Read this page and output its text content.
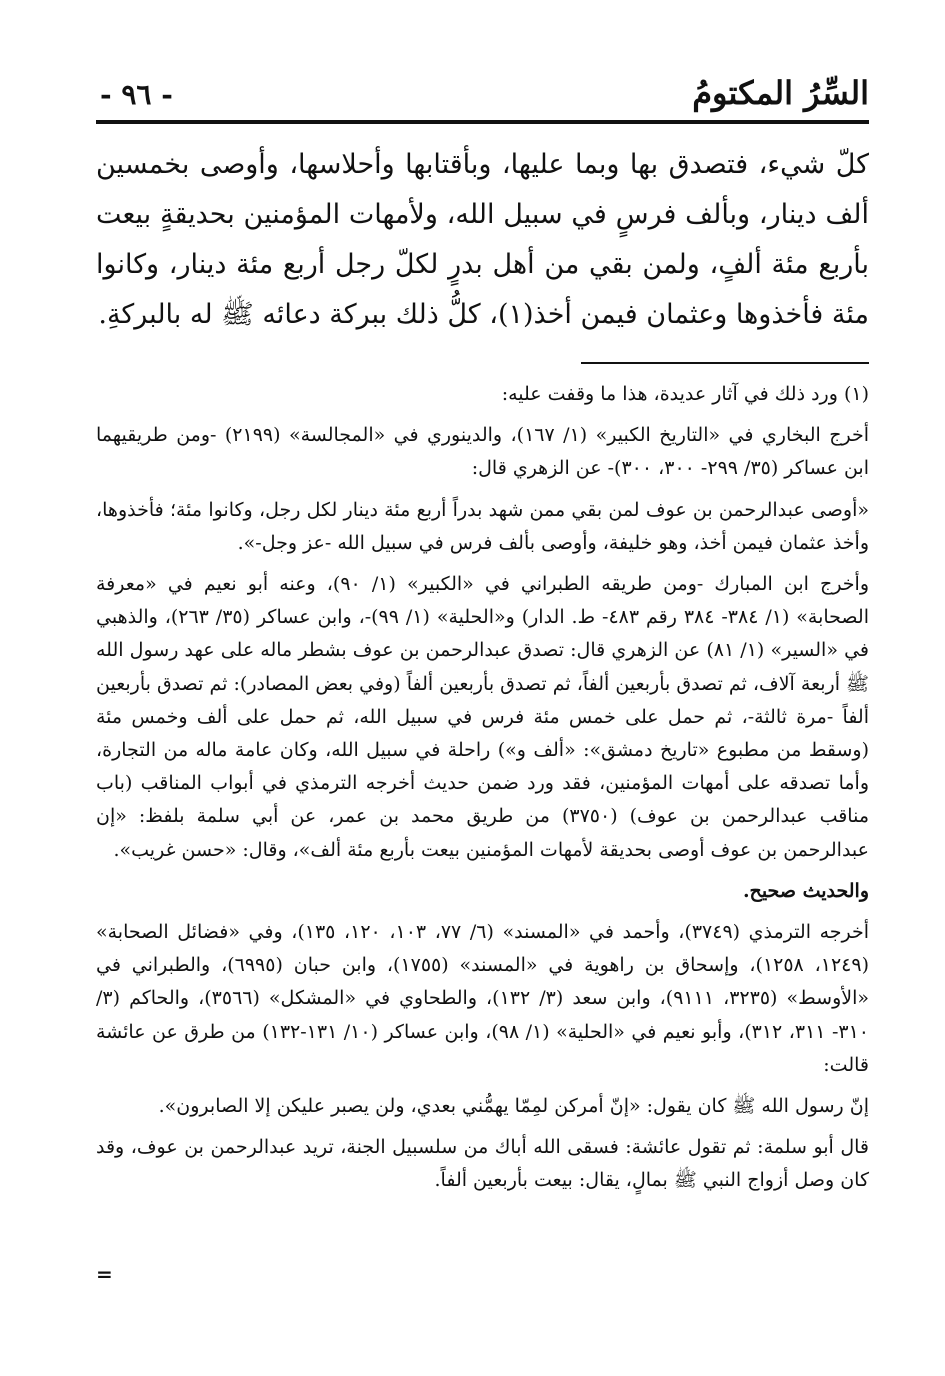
السِّرُ المكتومُ
- ٩٦ -

كلّ شيء، فتصدق بها وبما عليها، وبأقتابها وأحلاسها، وأوصى بخمسين ألف دينار، وبألف فرسٍ في سبيل الله، ولأمهات المؤمنين بحديقةٍ بيعت بأربع مئة ألفٍ، ولمن بقي من أهل بدرٍ لكلّ رجل أربع مئة دينار، وكانوا مئة فأخذوها وعثمان فيمن أخذ(١)، كلُّ ذلك ببركة دعائه ﷺ له بالبركةِ.

(١) ورد ذلك في آثار عديدة، هذا ما وقفت عليه:

أخرج البخاري في «التاريخ الكبير» (١/ ١٦٧)، والدينوري في «المجالسة» (٢١٩٩) -ومن طريقيهما ابن عساكر (٣٥/ ٢٩٩- ٣٠٠، ٣٠٠)- عن الزهري قال:

«أوصى عبدالرحمن بن عوف لمن بقي ممن شهد بدراً أربع مئة دينار لكل رجل، وكانوا مئة؛ فأخذوها، وأخذ عثمان فيمن أخذ، وهو خليفة، وأوصى بألف فرس في سبيل الله -عز وجل-».

وأخرج ابن المبارك -ومن طريقه الطبراني في «الكبير» (١/ ٩٠)، وعنه أبو نعيم في «معرفة الصحابة» (١/ ٣٨٤- ٣٨٤ رقم ٤٨٣- ط. الدار) و«الحلية» (١/ ٩٩)-، وابن عساكر (٣٥/ ٢٦٣)، والذهبي في «السير» (١/ ٨١) عن الزهري قال: تصدق عبدالرحمن بن عوف بشطر ماله على عهد رسول الله ﷺ أربعة آلاف، ثم تصدق بأربعين ألفاً، ثم تصدق بأربعين ألفاً (وفي بعض المصادر): ثم تصدق بأربعين ألفاً -مرة ثالثة-، ثم حمل على خمس مئة فرس في سبيل الله، ثم حمل على ألف وخمس مئة (وسقط من مطبوع «تاريخ دمشق»: «ألف و») راحلة في سبيل الله، وكان عامة ماله من التجارة، وأما تصدقه على أمهات المؤمنين، فقد ورد ضمن حديث أخرجه الترمذي في أبواب المناقب (باب مناقب عبدالرحمن بن عوف) (٣٧٥٠) من طريق محمد بن عمر، عن أبي سلمة بلفظ: «إن عبدالرحمن بن عوف أوصى بحديقة لأمهات المؤمنين بيعت بأربع مئة ألف»، وقال: «حسن غريب».

والحديث صحيح.

أخرجه الترمذي (٣٧٤٩)، وأحمد في «المسند» (٦/ ٧٧، ١٠٣، ١٢٠، ١٣٥)، وفي «فضائل الصحابة» (١٢٤٩، ١٢٥٨)، وإسحاق بن راهوية في «المسند» (١٧٥٥)، وابن حبان (٦٩٩٥)، والطبراني في «الأوسط» (٣٢٣٥، ٩١١١)، وابن سعد (٣/ ١٣٢)، والطحاوي في «المشكل» (٣٥٦٦)، والحاكم (٣/ ٣١٠- ٣١١، ٣١٢)، وأبو نعيم في «الحلية» (١/ ٩٨)، وابن عساكر (١٠/ ١٣١-١٣٢) من طرق عن عائشة قالت:

إنّ رسول الله ﷺ كان يقول: «إنّ أمركن لمِمّا يهمُّني بعدي، ولن يصبر عليكن إلا الصابرون».

قال أبو سلمة: ثم تقول عائشة: فسقى الله أباك من سلسبيل الجنة، تريد عبدالرحمن بن عوف، وقد كان وصل أزواج النبي ﷺ بمالٍ، يقال: بيعت بأربعين ألفاً.

=
